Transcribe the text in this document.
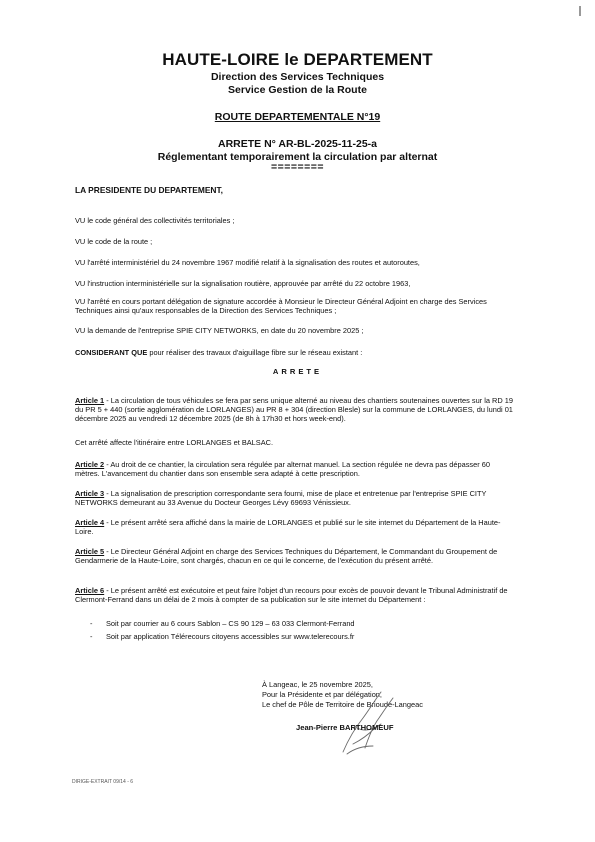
HAUTE-LOIRE le DEPARTEMENT
Direction des Services Techniques
Service Gestion de la Route
ROUTE DEPARTEMENTALE N°19
ARRETE N° AR-BL-2025-11-25-a
Réglementant temporairement la circulation par alternat
========
LA PRESIDENTE DU DEPARTEMENT,
VU le code général des collectivités territoriales ;
VU le code de la route ;
VU l'arrêté interministériel du 24 novembre 1967 modifié relatif à la signalisation des routes et autoroutes,
VU l'instruction interministérielle sur la signalisation routière, approuvée par arrêté du 22 octobre 1963,
VU l'arrêté en cours portant délégation de signature accordée à Monsieur le Directeur Général Adjoint en charge des Services Techniques ainsi qu'aux responsables de la Direction des Services Techniques ;
VU la demande de l'entreprise SPIE CITY NETWORKS, en date du 20 novembre 2025 ;
CONSIDERANT QUE pour réaliser des travaux d'aiguillage fibre sur le réseau existant :
ARRETE
Article 1 - La circulation de tous véhicules se fera par sens unique alterné au niveau des chantiers soutenaines ouvertes sur la RD 19 du PR 5 + 440 (sortie agglomération de LORLANGES) au PR 8 + 304 (direction Blesle) sur la commune de LORLANGES, du lundi 01 décembre 2025 au vendredi 12 décembre 2025 (de 8h à 17h30 et hors week-end).
Cet arrêté affecte l'itinéraire entre LORLANGES et BALSAC.
Article 2 - Au droit de ce chantier, la circulation sera régulée par alternat manuel. La section régulée ne devra pas dépasser 60 mètres. L'avancement du chantier dans son ensemble sera adapté à cette prescription.
Article 3 - La signalisation de prescription correspondante sera fourni, mise de place et entretenue par l'entreprise SPIE CITY NETWORKS demeurant au 33 Avenue du Docteur Georges Lévy 69693 Vénissieux.
Article 4 - Le présent arrêté sera affiché dans la mairie de LORLANGES et publié sur le site internet du Département de la Haute-Loire.
Article 5 - Le Directeur Général Adjoint en charge des Services Techniques du Département, le Commandant du Groupement de Gendarmerie de la Haute-Loire, sont chargés, chacun en ce qui le concerne, de l'exécution du présent arrêté.
Article 6 - Le présent arrêté est exécutoire et peut faire l'objet d'un recours pour excès de pouvoir devant le Tribunal Administratif de Clermont-Ferrand dans un délai de 2 mois à compter de sa publication sur le site internet du Département :
- Soit par courrier au 6 cours Sablon – CS 90 129 – 63 033 Clermont-Ferrand
- Soit par application Télérecours citoyens accessibles sur www.telerecours.fr
À Langeac, le 25 novembre 2025,
Pour la Présidente et par délégation,
Le chef de Pôle de Territoire de Brioude-Langeac
Jean-Pierre BARTHOMEUF
DIRIGE-EXTRAIT 09/14 - 6
